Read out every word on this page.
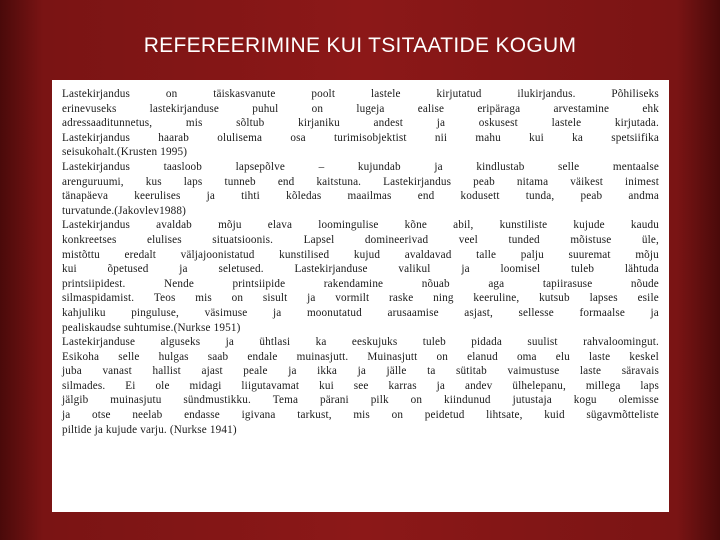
REFEREERIMINE KUI TSITAATIDE KOGUM
Lastekirjandus	on	täiskasvanute	poolt	lastele	kirjutatud	ilukirjandus.	Põhiliseks
erinevuseks	lastekirjanduse	puhul	on	lugeja	ealise	eripäraga	arvestamine	ehk
adressaaditunnetus,	mis	sõltub	kirjaniku	andest	ja	oskusest	lastele	kirjutada.
Lastekirjandus	haarab	olulisema	osa	turimisobjektist	nii	mahu	kui	ka	spetsiifika
seisukohalt.(Krusten 1995)
Lastekirjandus	taasloob	lapsepõlve	–	kujundab	ja	kindlustab	selle	mentaalse
arenguruumi, kus laps tunneb end kaitstuna. Lastekirjandus peab nitama väikest inimest
tänapäeva keerulises ja tihti kõledas maailmas end kodusett tunda, peab andma
turvatunde.(Jakovlev1988)
Lastekirjandus avaldab mõju elava loomingulise kõne abil, kunstiliste kujude kaudu
konkreetses	elulises	situatsioonis.	Lapsel	domineerivad	veel	tunded	mõistuse	üle,
mistõttu eredalt väljajoonistatud kunstilised kujud avaldavad talle palju suuremat mõju
kui	õpetused	ja	seletused.	Lastekirjanduse	valikul	ja	loomisel	tuleb	lähtuda
printsiipidest.	Nende	printsiipide	rakendamine	nõuab	aga	tapiirasuse	nõude
silmaspidamist. Teos mis on sisult ja vormilt raske ning keeruline, kutsub lapses esile
kahjuliku pinguluse, väsimuse ja moonutatud arusaamise asjast, sellesse formaalse ja
pealiskaudse suhtumise.(Nurkse 1951)
Lastekirjanduse alguseks ja ühtlasi ka eeskujuks tuleb pidada suulist rahvaloomingut.
Esikoha selle hulgas saab endale muinasjutt. Muinasjutt on elanud oma elu laste keskel
juba vanast hallist ajast peale ja ikka ja jälle ta sütitab vaimustuse laste säravais
silmades. Ei ole midagi liigutavamat kui see karras ja andev ülhelepanu, millega laps
jälgib muinasjutu sündmustikku. Tema pärani pilk on kiindunud jutustaja kogu olemisse
ja otse neelab endasse igivana tarkust, mis on peidetud lihtsate, kuid sügavmõtteliste
piltide ja kujude varju. (Nurkse 1941)
